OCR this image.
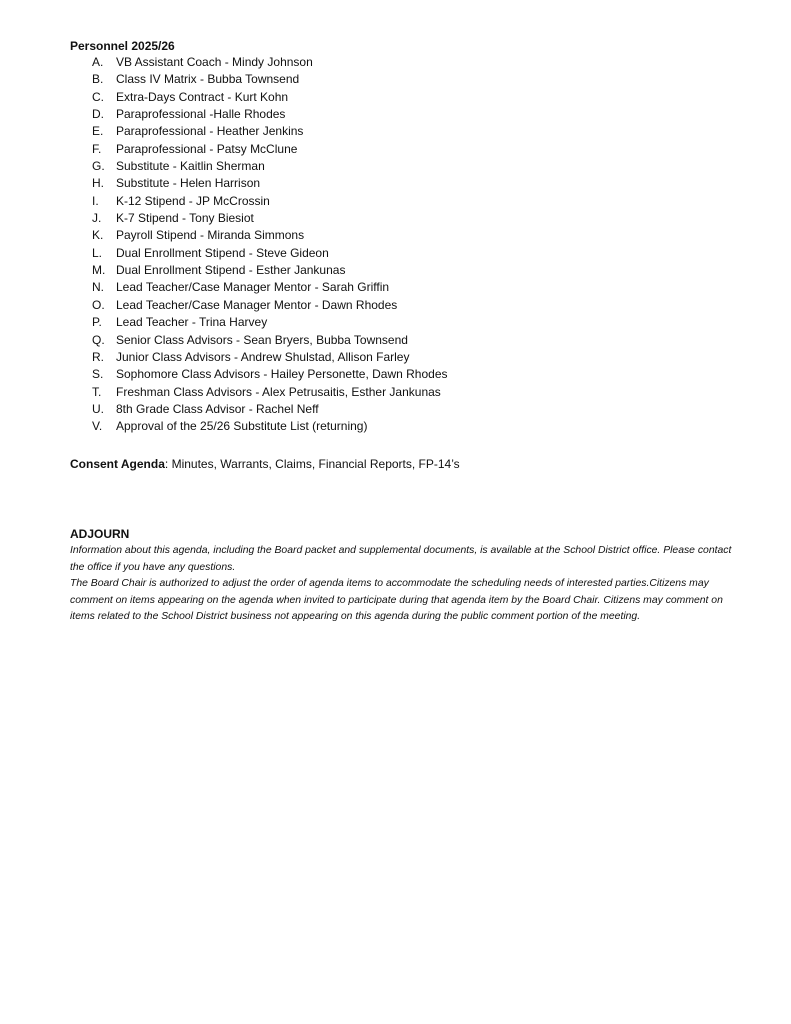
Personnel 2025/26
A. VB Assistant Coach - Mindy Johnson
B. Class IV Matrix - Bubba Townsend
C. Extra-Days Contract - Kurt Kohn
D. Paraprofessional -Halle Rhodes
E. Paraprofessional - Heather Jenkins
F. Paraprofessional - Patsy McClune
G. Substitute - Kaitlin Sherman
H. Substitute - Helen Harrison
I. K-12 Stipend - JP McCrossin
J. K-7 Stipend - Tony Biesiot
K. Payroll Stipend - Miranda Simmons
L. Dual Enrollment Stipend - Steve Gideon
M. Dual Enrollment Stipend - Esther Jankunas
N. Lead Teacher/Case Manager Mentor - Sarah Griffin
O. Lead Teacher/Case Manager Mentor - Dawn Rhodes
P. Lead Teacher - Trina Harvey
Q. Senior Class Advisors - Sean Bryers, Bubba Townsend
R. Junior Class Advisors - Andrew Shulstad, Allison Farley
S. Sophomore Class Advisors - Hailey Personette, Dawn Rhodes
T. Freshman Class Advisors - Alex Petrusaitis, Esther Jankunas
U. 8th Grade Class Advisor - Rachel Neff
V. Approval of the 25/26 Substitute List (returning)
Consent Agenda: Minutes, Warrants, Claims, Financial Reports, FP-14’s
ADJOURN

Information about this agenda, including the Board packet and supplemental documents, is available at the School District office. Please contact the office if you have any questions.

The Board Chair is authorized to adjust the order of agenda items to accommodate the scheduling needs of interested parties.Citizens may comment on items appearing on the agenda when invited to participate during that agenda item by the Board Chair. Citizens may comment on items related to the School District business not appearing on this agenda during the public comment portion of the meeting.
